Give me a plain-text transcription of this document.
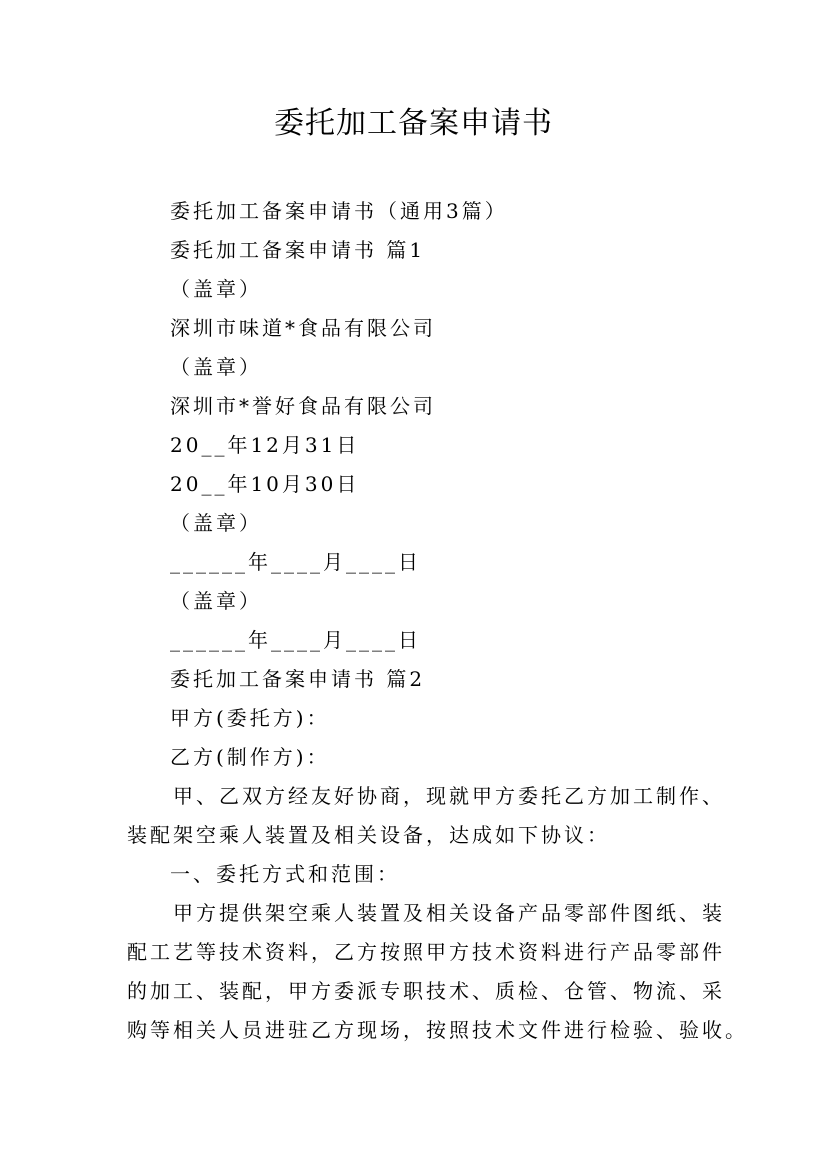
委托加工备案申请书

委托加工备案申请书（通用3篇）

委托加工备案申请书 篇1

（盖章）

深圳市味道*食品有限公司

（盖章）

深圳市*誉好食品有限公司

20__年12月31日

20__年10月30日

（盖章）

______年____月____日

（盖章）

______年____月____日

委托加工备案申请书 篇2

甲方(委托方)：

乙方(制作方)：

　　甲、乙双方经友好协商，现就甲方委托乙方加工制作、
装配架空乘人装置及相关设备，达成如下协议：

一、委托方式和范围：

　　甲方提供架空乘人装置及相关设备产品零部件图纸、装
配工艺等技术资料，乙方按照甲方技术资料进行产品零部件
的加工、装配，甲方委派专职技术、质检、仓管、物流、采
购等相关人员进驻乙方现场，按照技术文件进行检验、验收。
